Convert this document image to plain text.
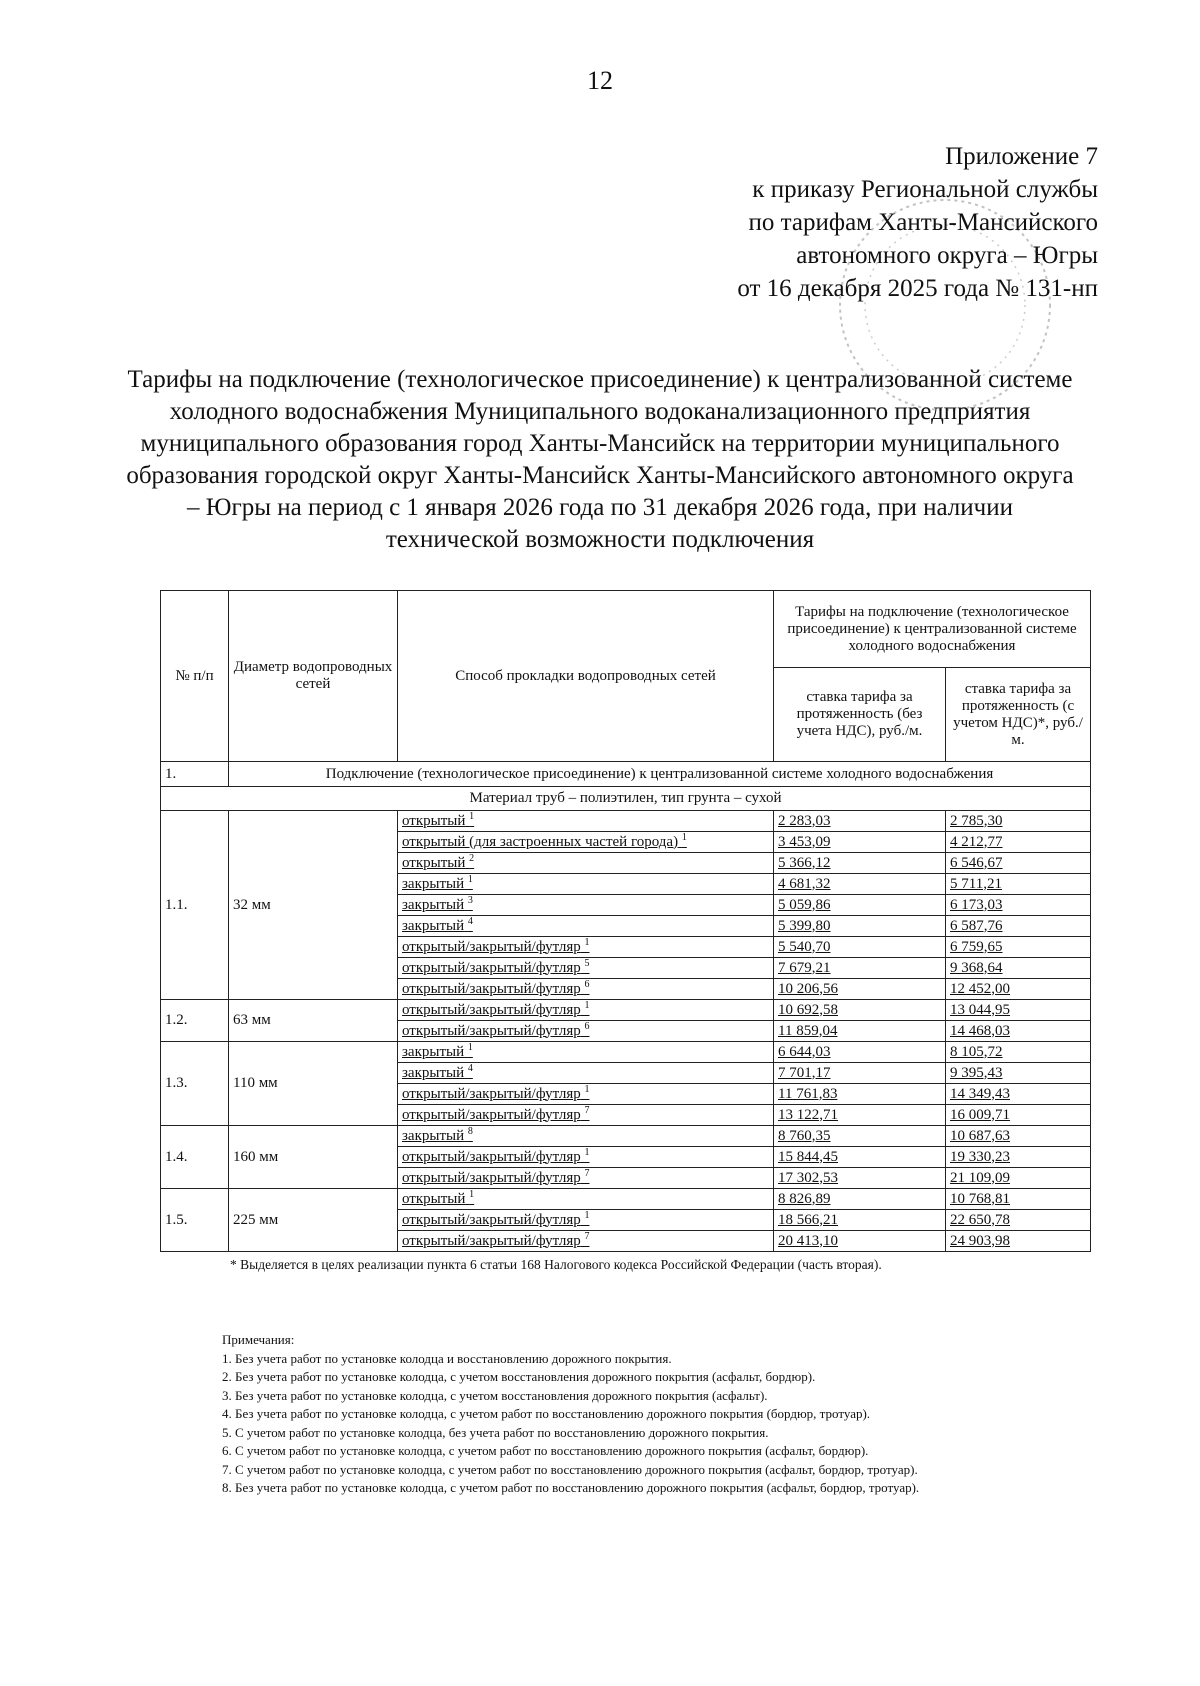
12
Приложение 7
к приказу Региональной службы
по тарифам Ханты-Мансийского
автономного округа – Югры
от 16 декабря 2025 года № 131-нп
Тарифы на подключение (технологическое присоединение) к централизованной системе холодного водоснабжения Муниципального водоканализационного предприятия муниципального образования город Ханты-Мансийск на территории муниципального образования городской округ Ханты-Мансийск Ханты-Мансийского автономного округа – Югры на период с 1 января 2026 года по 31 декабря 2026 года, при наличии технической возможности подключения
№ п/п	Диаметр водопроводных сетей	Способ прокладки водопроводных сетей	Тарифы на подключение (технологическое присоединение) к централизованной системе холодного водоснабжения	
			ставка тарифа за протяженность (без учета НДС), руб./м.	ставка тарифа за протяженность (с учетом НДС)*, руб./м.
1.	Подключение (технологическое присоединение) к централизованной системе холодного водоснабжения			
Материал труб – полиэтилен, тип грунта – сухой				
1.1.	32 мм	открытый $^1$	2 283,03	2 785,30
		открытый (для застроенных частей города) $^1$	3 453,09	4 212,77
		открытый $^2$	5 366,12	6 546,67
		закрытый $^1$	4 681,32	5 711,21
		закрытый $^3$	5 059,86	6 173,03
		закрытый $^4$	5 399,80	6 587,76
		открытый/закрытый/футляр $^1$	5 540,70	6 759,65
		открытый/закрытый/футляр $^5$	7 679,21	9 368,64
		открытый/закрытый/футляр $^6$	10 206,56	12 452,00
1.2.	63 мм	открытый/закрытый/футляр $^1$	10 692,58	13 044,95
		открытый/закрытый/футляр $^6$	11 859,04	14 468,03
1.3.	110 мм	закрытый $^1$	6 644,03	8 105,72
		закрытый $^4$	7 701,17	9 395,43
		открытый/закрытый/футляр $^1$	11 761,83	14 349,43
		открытый/закрытый/футляр $^7$	13 122,71	16 009,71
1.4.	160 мм	закрытый $^8$	8 760,35	10 687,63
		открытый/закрытый/футляр $^1$	15 844,45	19 330,23
		открытый/закрытый/футляр $^7$	17 302,53	21 109,09
1.5.	225 мм	открытый $^1$	8 826,89	10 768,81
		открытый/закрытый/футляр $^1$	18 566,21	22 650,78
		открытый/закрытый/футляр $^7$	20 413,10	24 903,98
* Выделяется в целях реализации пункта 6 статьи 168 Налогового кодекса Российской Федерации (часть вторая).
Примечания:
1. Без учета работ по установке колодца и восстановлению дорожного покрытия.
2. Без учета работ по установке колодца, с учетом восстановления дорожного покрытия (асфальт, бордюр).
3. Без учета работ по установке колодца, с учетом восстановления дорожного покрытия (асфальт).
4. Без учета работ по установке колодца, с учетом работ по восстановлению дорожного покрытия (бордюр, тротуар).
5. С учетом работ по установке колодца, без учета работ по восстановлению дорожного покрытия.
6. С учетом работ по установке колодца, с учетом работ по восстановлению дорожного покрытия (асфальт, бордюр).
7. С учетом работ по установке колодца, с учетом работ по восстановлению дорожного покрытия (асфальт, бордюр, тротуар).
8. Без учета работ по установке колодца, с учетом работ по восстановлению дорожного покрытия (асфальт, бордюр, тротуар).
